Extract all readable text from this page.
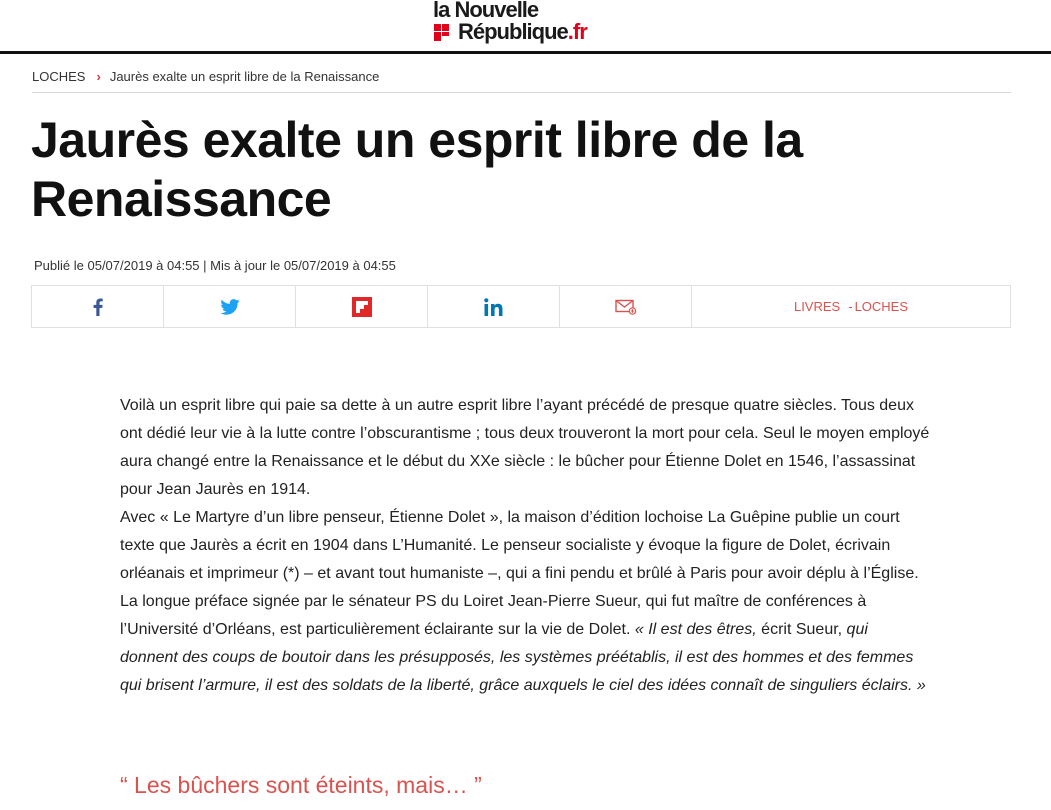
la Nouvelle
République.fr
LOCHES › Jaurès exalte un esprit libre de la Renaissance
Jaurès exalte un esprit libre de la Renaissance
Publié le 05/07/2019 à 04:55 | Mis à jour le 05/07/2019 à 04:55
LIVRES - LOCHES

Voilà un esprit libre qui paie sa dette à un autre esprit libre l’ayant précédé de presque quatre siècles. Tous deux ont dédié leur vie à la lutte contre l’obscurantisme ; tous deux trouveront la mort pour cela. Seul le moyen employé aura changé entre la Renaissance et le début du XXe siècle : le bûcher pour Étienne Dolet en 1546, l’assassinat pour Jean Jaurès en 1914.

Avec « Le Martyre d’un libre penseur, Étienne Dolet », la maison d’édition lochoise La Guêpine publie un court texte que Jaurès a écrit en 1904 dans L’Humanité. Le penseur socialiste y évoque la figure de Dolet, écrivain orléanais et imprimeur (*) – et avant tout humaniste –, qui a fini pendu et brûlé à Paris pour avoir déplu à l’Église.

La longue préface signée par le sénateur PS du Loiret Jean-Pierre Sueur, qui fut maître de conférences à l’Université d’Orléans, est particulièrement éclairante sur la vie de Dolet. « Il est des êtres, écrit Sueur, qui donnent des coups de boutoir dans les présupposés, les systèmes préétablis, il est des hommes et des femmes qui brisent l’armure, il est des soldats de la liberté, grâce auxquels le ciel des idées connaît de singuliers éclairs. »

“ Les bûchers sont éteints, mais… ”
